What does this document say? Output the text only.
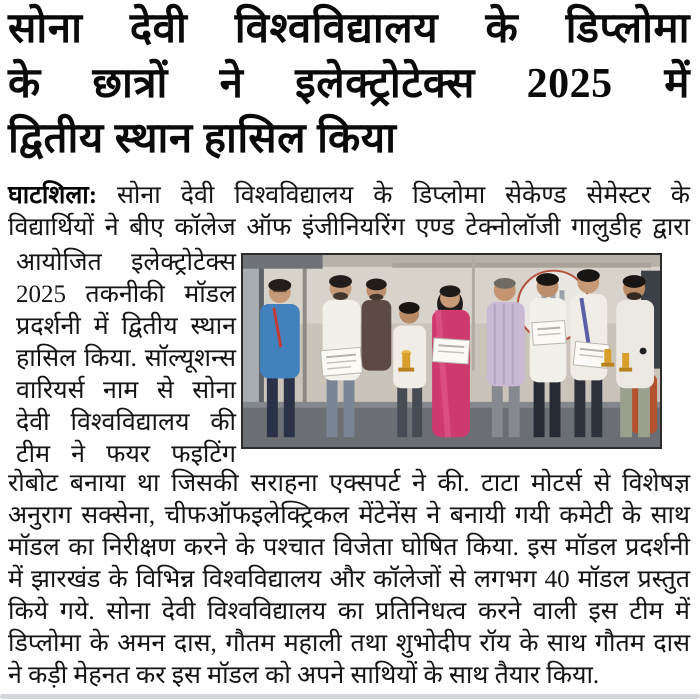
सोना देवी विश्वविद्यालय के डिप्लोमा
के छात्रों ने इलेक्ट्रोटेक्स 2025 में
द्वितीय स्थान हासिल किया
घाटशिला: सोना देवी विश्वविद्यालय के डिप्लोमा सेकेण्ड सेमेस्टर के
विद्यार्थियों ने बीए कॉलेज ऑफ इंजीनियरिंग एण्ड टेक्नोलॉजी गालुडीह द्वारा
आयोजित इलेक्ट्रोटेक्स
2025 तकनीकी मॉडल
प्रदर्शनी में द्वितीय स्थान
हासिल किया. सॉल्यूशन्स
वारियर्स नाम से सोना
देवी विश्वविद्यालय की
टीम ने फयर फइटिंग
रोबोट बनाया था जिसकी सराहना एक्सपर्ट ने की. टाटा मोटर्स से विशेषज्ञ
अनुराग सक्सेना, चीफऑफइलेक्ट्रिकल मेंटेनेंस ने बनायी गयी कमेटी के साथ
मॉडल का निरीक्षण करने के पश्चात विजेता घोषित किया. इस मॉडल प्रदर्शनी
में झारखंड के विभिन्न विश्वविद्यालय और कॉलेजों से लगभग 40 मॉडल प्रस्तुत
किये गये. सोना देवी विश्वविद्यालय का प्रतिनिधत्व करने वाली इस टीम में
डिप्लोमा के अमन दास, गौतम महाली तथा शुभोदीप रॉय के साथ गौतम दास
ने कड़ी मेहनत कर इस मॉडल को अपने साथियों के साथ तैयार किया.
